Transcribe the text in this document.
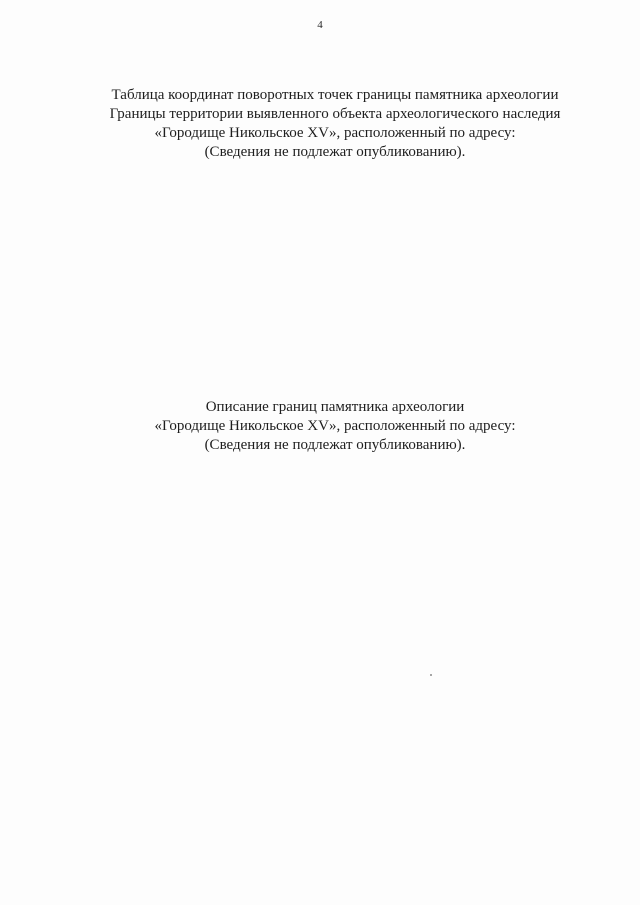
4
Таблица координат поворотных точек границы памятника археологии
Границы территории выявленного объекта археологического наследия
«Городище Никольское XV», расположенный по адресу:
(Сведения не подлежат опубликованию).
Описание границ памятника археологии
«Городище Никольское XV», расположенный по адресу:
(Сведения не подлежат опубликованию).
